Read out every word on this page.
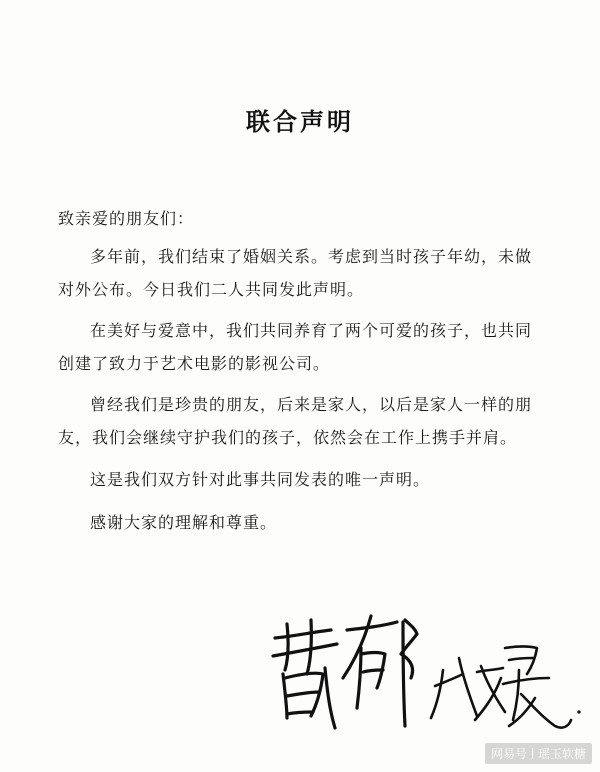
联合声明
致亲爱的朋友们：

多年前，我们结束了婚姻关系。考虑到当时孩子年幼，未做对外公布。今日我们二人共同发此声明。

在美好与爱意中，我们共同养育了两个可爱的孩子，也共同创建了致力于艺术电影的影视公司。

曾经我们是珍贵的朋友，后来是家人，以后是家人一样的朋友，我们会继续守护我们的孩子，依然会在工作上携手并肩。

这是我们双方针对此事共同发表的唯一声明。

感谢大家的理解和尊重。

网易号 瑶玉软糖
